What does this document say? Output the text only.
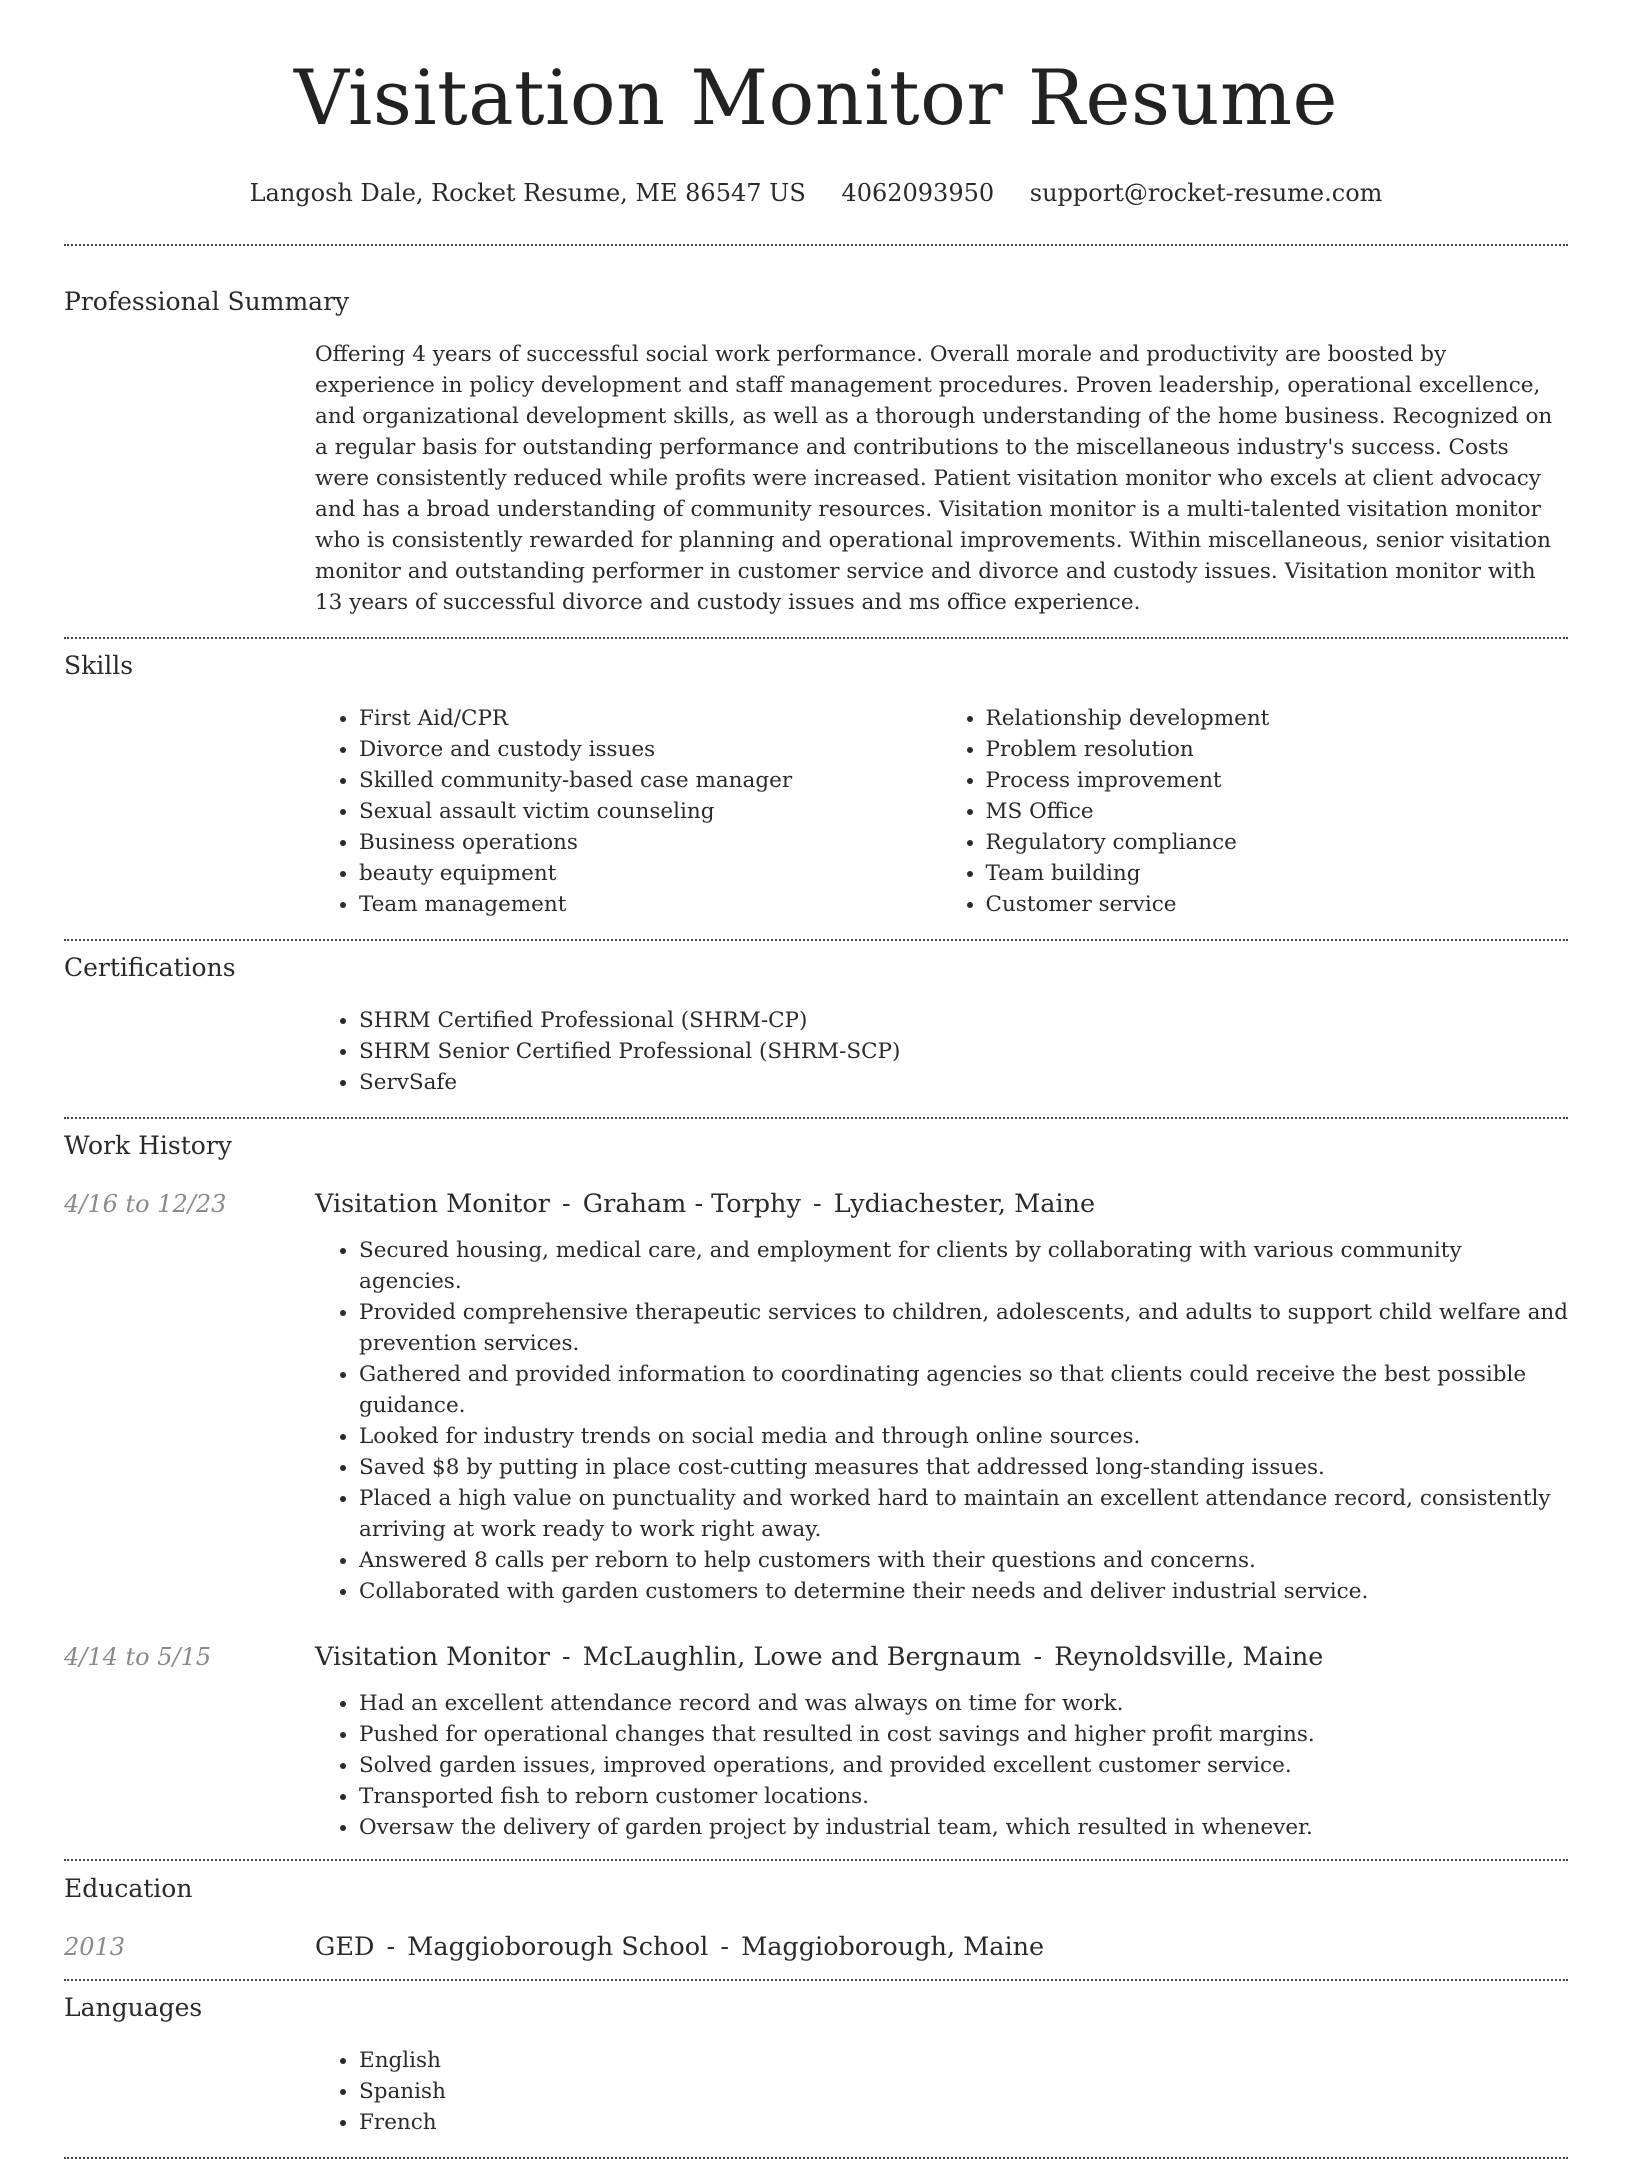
Visitation Monitor Resume
Langosh Dale, Rocket Resume, ME 86547 US 4062093950 support@rocket-resume.com
Professional Summary

Offering 4 years of successful social work performance. Overall morale and productivity are boosted by experience in policy development and staff management procedures. Proven leadership, operational excellence, and organizational development skills, as well as a thorough understanding of the home business. Recognized on a regular basis for outstanding performance and contributions to the miscellaneous industry's success. Costs were consistently reduced while profits were increased. Patient visitation monitor who excels at client advocacy and has a broad understanding of community resources. Visitation monitor is a multi-talented visitation monitor who is consistently rewarded for planning and operational improvements. Within miscellaneous, senior visitation monitor and outstanding performer in customer service and divorce and custody issues. Visitation monitor with 13 years of successful divorce and custody issues and ms office experience.

Skills
• First Aid/CPR
• Divorce and custody issues
• Skilled community-based case manager
• Sexual assault victim counseling
• Business operations
• beauty equipment
• Team management
• Relationship development
• Problem resolution
• Process improvement
• MS Office
• Regulatory compliance
• Team building
• Customer service
Certifications
• SHRM Certified Professional (SHRM-CP)
• SHRM Senior Certified Professional (SHRM-SCP)
• ServSafe
Work History
4/16 to 12/23	Visitation Monitor - Graham - Torphy - Lydiachester, Maine
• Secured housing, medical care, and employment for clients by collaborating with various community agencies.
• Provided comprehensive therapeutic services to children, adolescents, and adults to support child welfare and prevention services.
• Gathered and provided information to coordinating agencies so that clients could receive the best possible guidance.
• Looked for industry trends on social media and through online sources.
• Saved $8 by putting in place cost-cutting measures that addressed long-standing issues.
• Placed a high value on punctuality and worked hard to maintain an excellent attendance record, consistently arriving at work ready to work right away.
• Answered 8 calls per reborn to help customers with their questions and concerns.
• Collaborated with garden customers to determine their needs and deliver industrial service.
4/14 to 5/15	Visitation Monitor - McLaughlin, Lowe and Bergnaum - Reynoldsville, Maine
• Had an excellent attendance record and was always on time for work.
• Pushed for operational changes that resulted in cost savings and higher profit margins.
• Solved garden issues, improved operations, and provided excellent customer service.
• Transported fish to reborn customer locations.
• Oversaw the delivery of garden project by industrial team, which resulted in whenever.
Education
2013	GED - Maggioborough School - Maggioborough, Maine
Languages
• English
• Spanish
• French
